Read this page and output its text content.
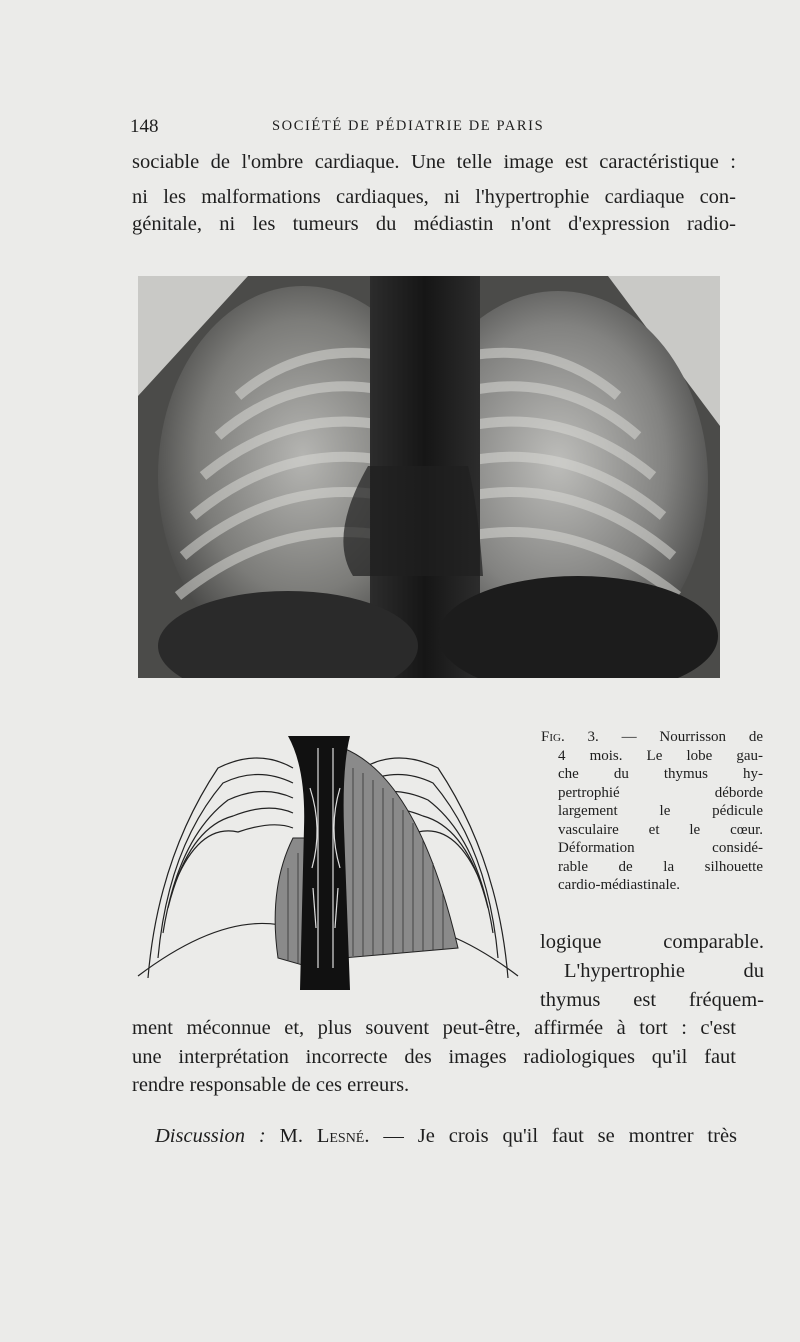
148	SOCIÉTÉ DE PÉDIATRIE DE PARIS
sociable de l'ombre cardiaque. Une telle image est caractéristique :
ni les malformations cardiaques, ni l'hypertrophie cardiaque con-
génitale, ni les tumeurs du médiastin n'ont d'expression radio-
Fig. 3. — Nourrisson de
4 mois. Le lobe gau-
che du thymus hy-
pertrophié déborde
largement le pédicule
vasculaire et le cœur.
Déformation considé-
rable de la silhouette
cardio-médiastinale.
logique comparable.
L'hypertrophie du
thymus est fréquem-
ment méconnue et, plus souvent peut-être, affirmée à tort : c'est
une interprétation incorrecte des images radiologiques qu'il faut
rendre responsable de ces erreurs.
Discussion : M. Lesné. — Je crois qu'il faut se montrer très
